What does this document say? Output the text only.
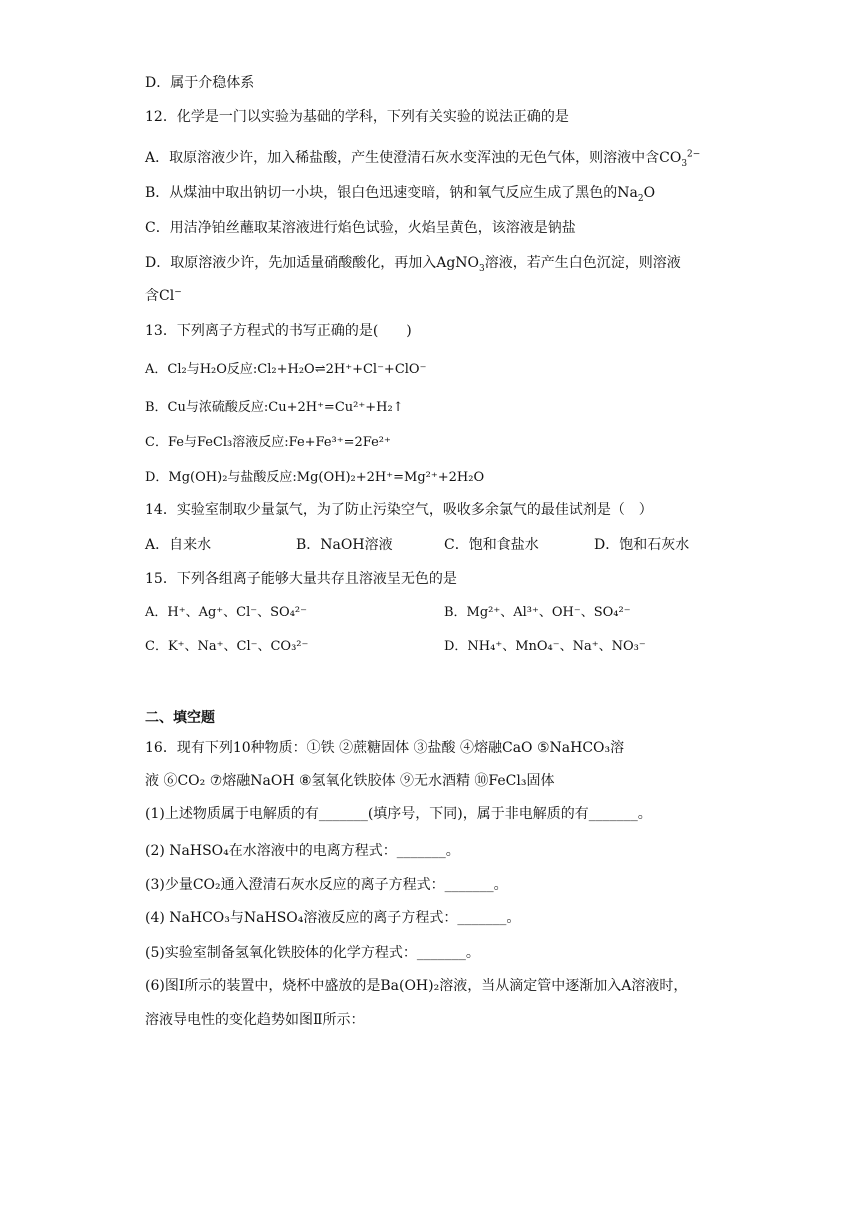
D．属于介稳体系
12．化学是一门以实验为基础的学科，下列有关实验的说法正确的是
A．取原溶液少许，加入稀盐酸，产生使澄清石灰水变浑浊的无色气体，则溶液中含$CO_3^{2-}$
B．从煤油中取出钠切一小块，银白色迅速变暗，钠和氧气反应生成了黑色的$Na_2O$
C．用洁净铂丝蘸取某溶液进行焰色试验，火焰呈黄色，该溶液是钠盐
D．取原溶液少许，先加适量硝酸酸化，再加入AgNO$_3$溶液，若产生白色沉淀，则溶液
含Cl−
13．下列离子方程式的书写正确的是(　　)
A．Cl₂与H₂O反应:Cl₂+H₂O⇌2H⁺+Cl⁻+ClO⁻
B．Cu与浓硫酸反应:Cu+2H⁺=Cu²⁺+H₂↑
C．Fe与FeCl₃溶液反应:Fe+Fe³⁺=2Fe²⁺
D．Mg(OH)₂与盐酸反应:Mg(OH)₂+2H⁺=Mg²⁺+2H₂O
14．实验室制取少量氯气，为了防止污染空气，吸收多余氯气的最佳试剂是（　）
A．自来水	B．NaOH溶液	C．饱和食盐水	D．饱和石灰水
15．下列各组离子能够大量共存且溶液呈无色的是
A．H⁺、Ag⁺、Cl⁻、SO₄²⁻	B．Mg²⁺、Al³⁺、OH⁻、SO₄²⁻
C．K⁺、Na⁺、Cl⁻、CO₃²⁻	D．NH₄⁺、MnO₄⁻、Na⁺、NO₃⁻
二、填空题
16．现有下列10种物质：①铁 ②蔗糖固体 ③盐酸 ④熔融CaO ⑤NaHCO₃溶
液 ⑥CO₂ ⑦熔融NaOH ⑧氢氧化铁胶体 ⑨无水酒精 ⑩FeCl₃固体
(1)上述物质属于电解质的有_______(填序号，下同)，属于非电解质的有_______。
(2) NaHSO₄在水溶液中的电离方程式：_______。
(3)少量CO₂通入澄清石灰水反应的离子方程式：_______。
(4) NaHCO₃与NaHSO₄溶液反应的离子方程式：_______。
(5)实验室制备氢氧化铁胶体的化学方程式：_______。
(6)图Ⅰ所示的装置中，烧杯中盛放的是Ba(OH)₂溶液，当从滴定管中逐渐加入A溶液时，
溶液导电性的变化趋势如图Ⅱ所示：
